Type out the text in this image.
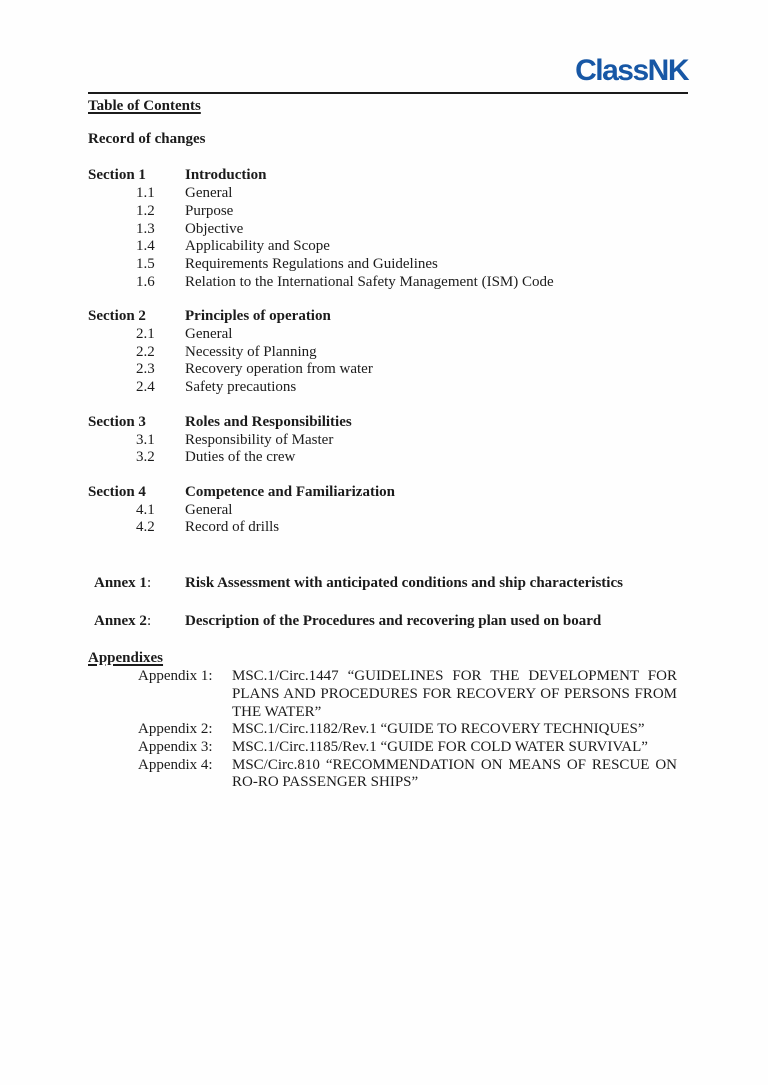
ClassNK
Table of Contents
Record of changes
Section 1	Introduction
1.1	General
1.2	Purpose
1.3	Objective
1.4	Applicability and Scope
1.5	Requirements Regulations and Guidelines
1.6	Relation to the International Safety Management (ISM) Code
Section 2	Principles of operation
2.1	General
2.2	Necessity of Planning
2.3	Recovery operation from water
2.4	Safety precautions
Section 3	Roles and Responsibilities
3.1	Responsibility of Master
3.2	Duties of the crew
Section 4	Competence and Familiarization
4.1	General
4.2	Record of drills
Annex 1:	Risk Assessment with anticipated conditions and ship characteristics
Annex 2:	Description of the Procedures and recovering plan used on board
Appendixes
Appendix 1:	MSC.1/Circ.1447 “GUIDELINES FOR THE DEVELOPMENT FOR PLANS AND PROCEDURES FOR RECOVERY OF PERSONS FROM THE WATER”
Appendix 2:	MSC.1/Circ.1182/Rev.1 “GUIDE TO RECOVERY TECHNIQUES”
Appendix 3:	MSC.1/Circ.1185/Rev.1 “GUIDE FOR COLD WATER SURVIVAL”
Appendix 4:	MSC/Circ.810 “RECOMMENDATION ON MEANS OF RESCUE ON RO-RO PASSENGER SHIPS”
